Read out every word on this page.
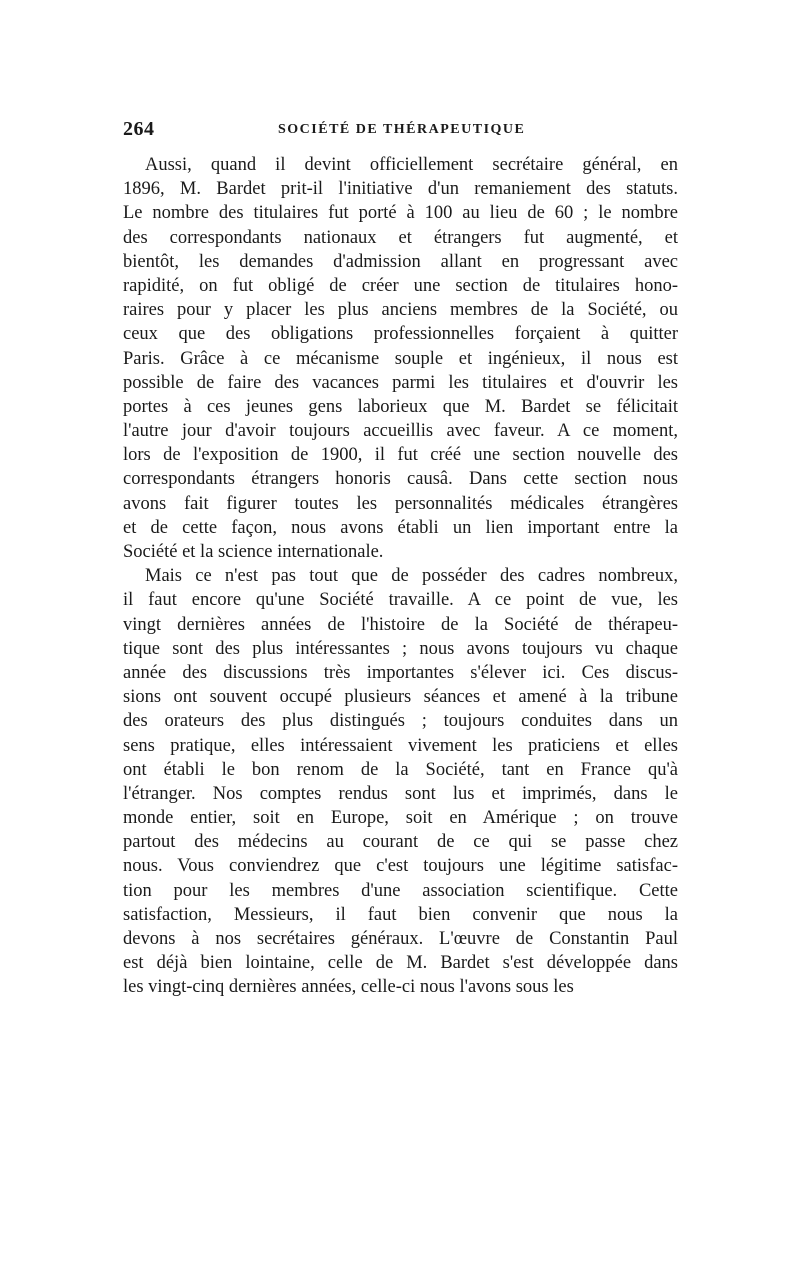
264	SOCIÉTÉ DE THÉRAPEUTIQUE
Aussi, quand il devint officiellement secrétaire général, en
1896, M. Bardet prit-il l'initiative d'un remaniement des statuts.
Le nombre des titulaires fut porté à 100 au lieu de 60 ; le nombre
des correspondants nationaux et étrangers fut augmenté, et
bientôt, les demandes d'admission allant en progressant avec
rapidité, on fut obligé de créer une section de titulaires hono-
raires pour y placer les plus anciens membres de la Société, ou
ceux que des obligations professionnelles forçaient à quitter
Paris. Grâce à ce mécanisme souple et ingénieux, il nous est
possible de faire des vacances parmi les titulaires et d'ouvrir les
portes à ces jeunes gens laborieux que M. Bardet se félicitait
l'autre jour d'avoir toujours accueillis avec faveur. A ce moment,
lors de l'exposition de 1900, il fut créé une section nouvelle des
correspondants étrangers honoris causâ. Dans cette section nous
avons fait figurer toutes les personnalités médicales étrangères
et de cette façon, nous avons établi un lien important entre la
Société et la science internationale.
Mais ce n'est pas tout que de posséder des cadres nombreux,
il faut encore qu'une Société travaille. A ce point de vue, les
vingt dernières années de l'histoire de la Société de thérapeu-
tique sont des plus intéressantes ; nous avons toujours vu chaque
année des discussions très importantes s'élever ici. Ces discus-
sions ont souvent occupé plusieurs séances et amené à la tribune
des orateurs des plus distingués ; toujours conduites dans un
sens pratique, elles intéressaient vivement les praticiens et elles
ont établi le bon renom de la Société, tant en France qu'à
l'étranger. Nos comptes rendus sont lus et imprimés, dans le
monde entier, soit en Europe, soit en Amérique ; on trouve
partout des médecins au courant de ce qui se passe chez
nous. Vous conviendrez que c'est toujours une légitime satisfac-
tion pour les membres d'une association scientifique. Cette
satisfaction, Messieurs, il faut bien convenir que nous la
devons à nos secrétaires généraux. L'œuvre de Constantin Paul
est déjà bien lointaine, celle de M. Bardet s'est développée dans
les vingt-cinq dernières années, celle-ci nous l'avons sous les
